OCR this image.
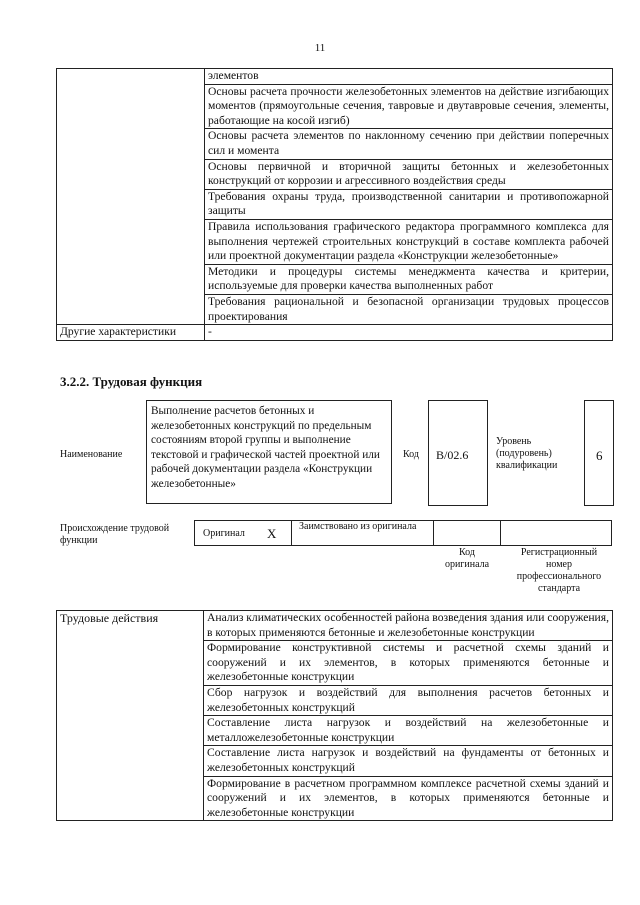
11
	элементов
	Основы расчета прочности железобетонных элементов на действие изгибающих моментов (прямоугольные сечения, тавровые и двутавровые сечения, элементы, работающие на косой изгиб)
	Основы расчета элементов по наклонному сечению при действии поперечных сил и момента
	Основы первичной и вторичной защиты бетонных и железобетонных конструкций от коррозии и агрессивного воздействия среды
	Требования охраны труда, производственной санитарии и противопожарной защиты
	Правила использования графического редактора программного комплекса для выполнения чертежей строительных конструкций в составе комплекта рабочей или проектной документации раздела «Конструкции железобетонные»
	Методики и процедуры системы менеджмента качества и критерии, используемые для проверки качества выполненных работ
	Требования рациональной и безопасной организации трудовых процессов проектирования
Другие характеристики	-
3.2.2. Трудовая функция
Наименование
Выполнение расчетов бетонных и железобетонных конструкций по предельным состояниям второй группы и выполнение текстовой и графической частей проектной или рабочей документации раздела «Конструкции железобетонные»
Код B/02.6
Уровень (подуровень) квалификации
6
Происхождение трудовой функции
Оригинал X Заимствовано из оригинала
Код оригинала
Регистрационный номер профессионального стандарта
Трудовые действия	Анализ климатических особенностей района возведения здания или сооружения, в которых применяются бетонные и железобетонные конструкции
Формирование конструктивной системы и расчетной схемы зданий и сооружений и их элементов, в которых применяются бетонные и железобетонные конструкции
Сбор нагрузок и воздействий для выполнения расчетов бетонных и железобетонных конструкций
Составление листа нагрузок и воздействий на железобетонные и металложелезобетонные конструкции
Составление листа нагрузок и воздействий на фундаменты от бетонных и железобетонных конструкций
Формирование в расчетном программном комплексе расчетной схемы зданий и сооружений и их элементов, в которых применяются бетонные и железобетонные конструкции
